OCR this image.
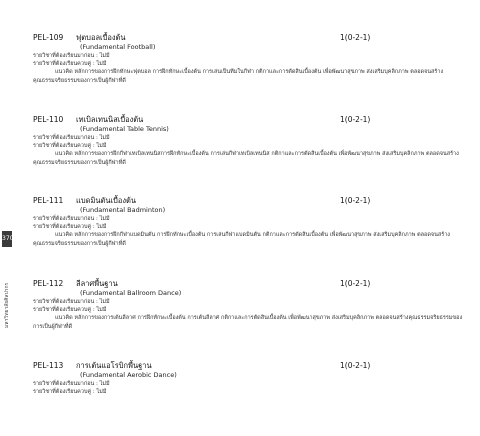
370
มหาวิทยาลัยศิลปากร
PEL-109 ฟุตบอลเบื้องต้น	1(0-2-1)
(Fundamental Football)
รายวิชาที่ต้องเรียนมาก่อน : ไม่มี
รายวิชาที่ต้องเรียนควบคู่ : ไม่มี
แนวคิด หลักการของการฝึกทักษะฟุตบอล การฝึกทักษะเบื้องต้น การเล่นเป็นทีมในกีฬา กติกาและการตัดสินเบื้องต้น เพื่อพัฒนาสุขภาพ ส่งเสริมบุคลิกภาพ ตลอดจนสร้างคุณธรรมจริยธรรมของการเป็นผู้กีฬาที่ดี
PEL-110 เทเบิลเทนนิสเบื้องต้น	1(0-2-1)
(Fundamental Table Tennis)
รายวิชาที่ต้องเรียนมาก่อน : ไม่มี
รายวิชาที่ต้องเรียนควบคู่ : ไม่มี
แนวคิด หลักการของการฝึกกีฬาเทเบิลเทนนิสการฝึกทักษะเบื้องต้น การเล่นกีฬาเทเบิลเทนนิส กติกาและการตัดสินเบื้องต้น เพื่อพัฒนาสุขภาพ ส่งเสริมบุคลิกภาพ ตลอดจนสร้างคุณธรรมจริยธรรมของการเป็นผู้กีฬาที่ดี
PEL-111 แบดมินตันเบื้องต้น	1(0-2-1)
(Fundamental Badminton)
รายวิชาที่ต้องเรียนมาก่อน : ไม่มี
รายวิชาที่ต้องเรียนควบคู่ : ไม่มี
แนวคิด หลักการของการฝึกกีฬาแบดมินตัน การฝึกทักษะเบื้องต้น การเล่นกีฬาแบดมินตัน กติกาและการตัดสินเบื้องต้น เพื่อพัฒนาสุขภาพ ส่งเสริมบุคลิกภาพ ตลอดจนสร้างคุณธรรมจริยธรรมของการเป็นผู้กีฬาที่ดี
PEL-112 ลีลาศพื้นฐาน	1(0-2-1)
(Fundamental Ballroom Dance)
รายวิชาที่ต้องเรียนมาก่อน : ไม่มี
รายวิชาที่ต้องเรียนควบคู่ : ไม่มี
แนวคิด หลักการของการเต้นลีลาศ การฝึกทักษะเบื้องต้น การเต้นลีลาศ กติกาและการตัดสินเบื้องต้น เพื่อพัฒนาสุขภาพ ส่งเสริมบุคลิกภาพ ตลอดจนสร้างคุณธรรมจริยธรรมของการเป็นผู้กีฬาที่ดี
PEL-113 การเต้นแอโรบิกพื้นฐาน	1(0-2-1)
(Fundamental Aerobic Dance)
รายวิชาที่ต้องเรียนมาก่อน : ไม่มี
รายวิชาที่ต้องเรียนควบคู่ : ไม่มี
